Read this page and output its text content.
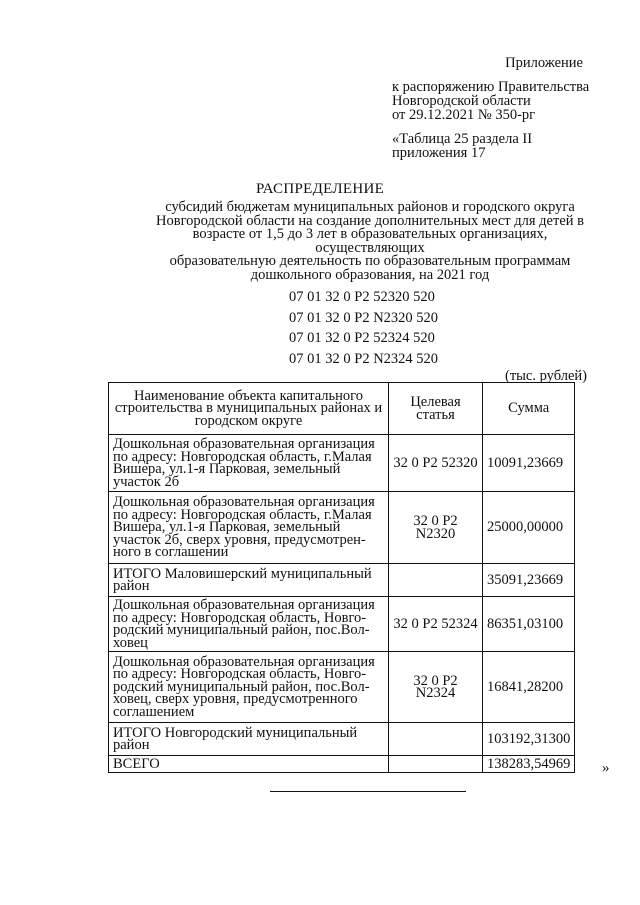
Приложение
к распоряжению Правительства
Новгородской области
от 29.12.2021 № 350-рг
«Таблица 25 раздела II
приложения 17
РАСПРЕДЕЛЕНИЕ
субсидий бюджетам муниципальных районов и городского округа
Новгородской области на создание дополнительных мест для детей в
возрасте от 1,5 до 3 лет в образовательных организациях, осуществляющих
образовательную деятельность по образовательным программам
дошкольного образования, на 2021 год
07 01 32 0 P2 52320 520
07 01 32 0 P2 N2320 520
07 01 32 0 P2 52324 520
07 01 32 0 P2 N2324 520
(тыс. рублей)
Наименование объекта капитального строительства в муниципальных районах и городском округе	Целевая статья	Сумма
Дошкольная образовательная организация по адресу: Новгородская область, г.Малая Вишера, ул.1-я Парковая, земельный участок 2б	32 0 P2 52320	10091,23669
Дошкольная образовательная организация по адресу: Новгородская область, г.Малая Вишера, ул.1-я Парковая, земельный участок 2б, сверх уровня, предусмотрен-ного в соглашении	32 0 P2 N2320	25000,00000
ИТОГО Маловишерский муниципальный район		35091,23669
Дошкольная образовательная организация по адресу: Новгородская область, Новго-родский муниципальный район, пос.Вол-ховец	32 0 P2 52324	86351,03100
Дошкольная образовательная организация по адресу: Новгородская область, Новго-родский муниципальный район, пос.Вол-ховец, сверх уровня, предусмотренного соглашением	32 0 P2 N2324	16841,28200
ИТОГО Новгородский муниципальный район		103192,31300
ВСЕГО		138283,54969 »
